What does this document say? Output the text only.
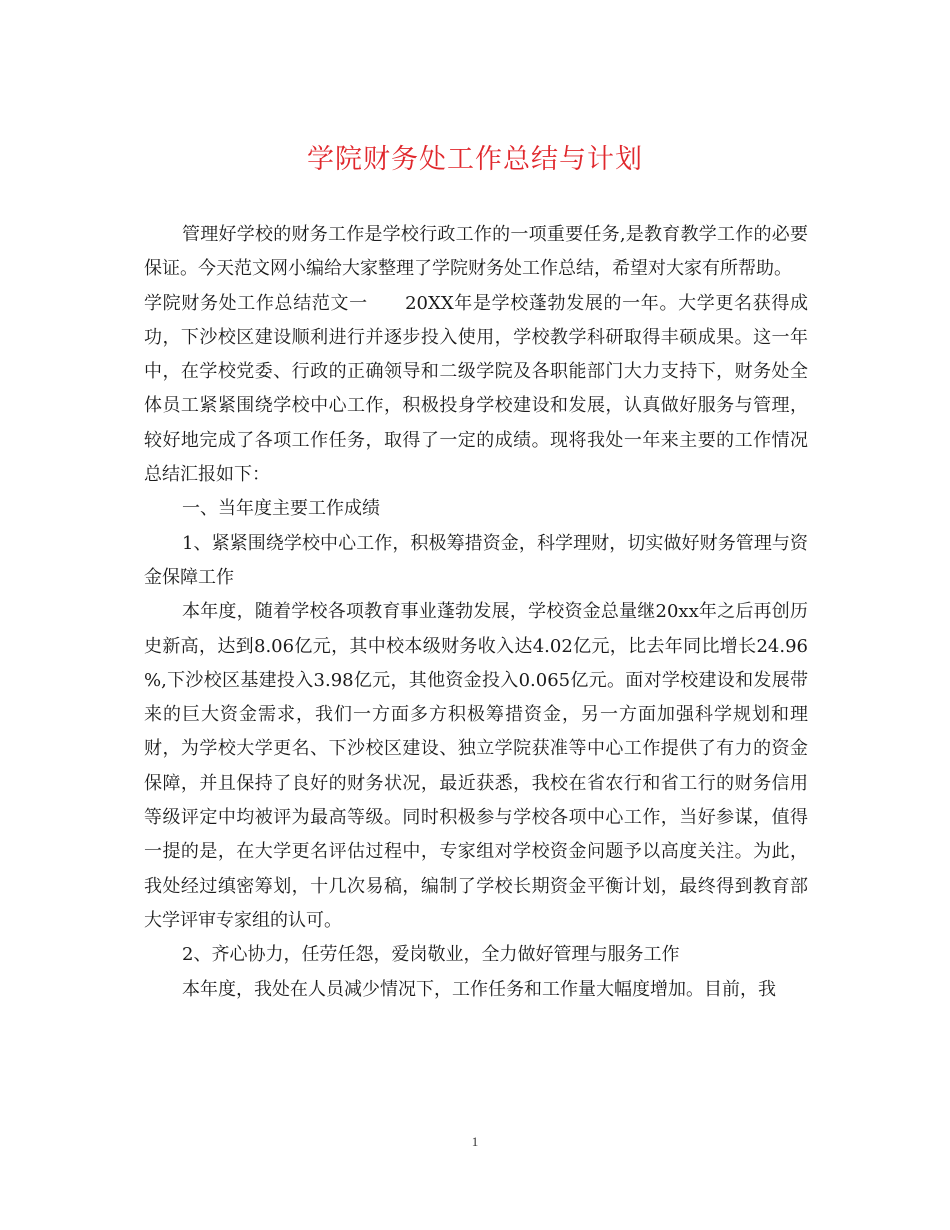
学院财务处工作总结与计划

管理好学校的财务工作是学校行政工作的一项重要任务,是教育教学工作的必要保证。今天范文网小编给大家整理了学院财务处工作总结，希望对大家有所帮助。

学院财务处工作总结范文一　　20XX年是学校蓬勃发展的一年。大学更名获得成功，下沙校区建设顺利进行并逐步投入使用，学校教学科研取得丰硕成果。这一年中，在学校党委、行政的正确领导和二级学院及各职能部门大力支持下，财务处全体员工紧紧围绕学校中心工作，积极投身学校建设和发展，认真做好服务与管理，较好地完成了各项工作任务，取得了一定的成绩。现将我处一年来主要的工作情况总结汇报如下：

一、当年度主要工作成绩

1、紧紧围绕学校中心工作，积极筹措资金，科学理财，切实做好财务管理与资金保障工作

本年度，随着学校各项教育事业蓬勃发展，学校资金总量继20xx年之后再创历史新高，达到8.06亿元，其中校本级财务收入达4.02亿元，比去年同比增长24.96 %,下沙校区基建投入3.98亿元，其他资金投入0.065亿元。面对学校建设和发展带来的巨大资金需求，我们一方面多方积极筹措资金，另一方面加强科学规划和理财，为学校大学更名、下沙校区建设、独立学院获准等中心工作提供了有力的资金保障，并且保持了良好的财务状况，最近获悉，我校在省农行和省工行的财务信用等级评定中均被评为最高等级。同时积极参与学校各项中心工作，当好参谋，值得一提的是，在大学更名评估过程中，专家组对学校资金问题予以高度关注。为此，我处经过缜密筹划，十几次易稿，编制了学校长期资金平衡计划，最终得到教育部大学评审专家组的认可。

2、齐心协力，任劳任怨，爱岗敬业，全力做好管理与服务工作

本年度，我处在人员减少情况下，工作任务和工作量大幅度增加。目前，我

1
